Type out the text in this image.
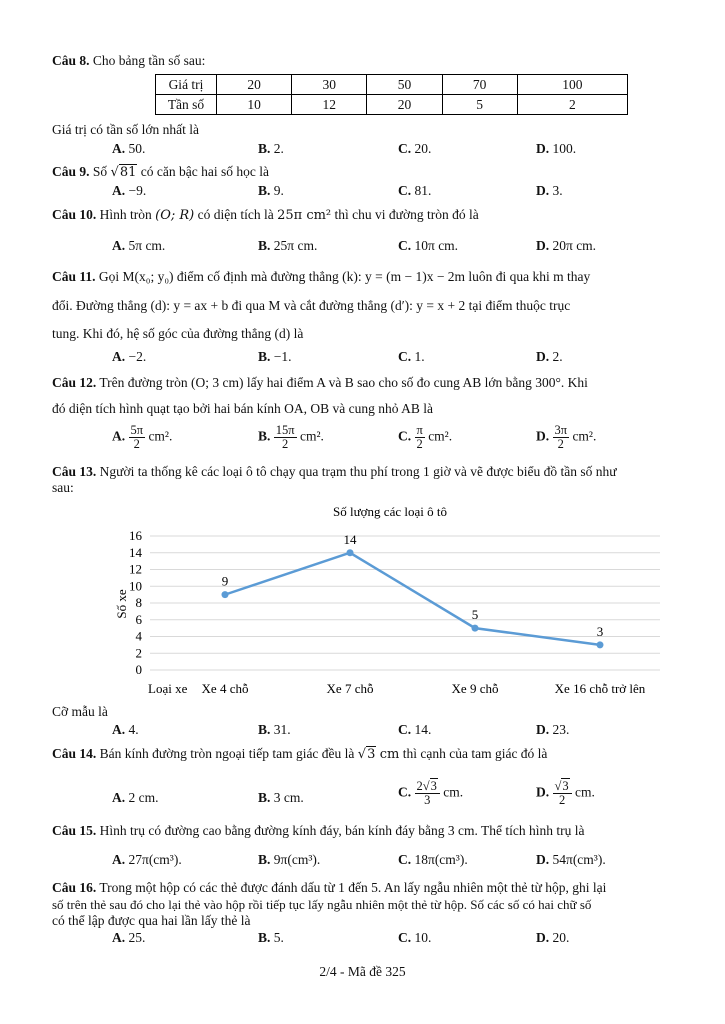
Câu 8. Cho bảng tần số sau:
Giá trị	20	30	50	70	100
Tần số	10	12	20	5	2
Giá trị có tần số lớn nhất là
A. 50.	B. 2.	C. 20.	D. 100.
Câu 9. Số √81 có căn bậc hai số học là
A. −9.	B. 9.	C. 81.	D. 3.
Câu 10. Hình tròn (O; R) có diện tích là 25π cm² thì chu vi đường tròn đó là
A. 5π cm.	B. 25π cm.	C. 10π cm.	D. 20π cm.
Câu 11. Gọi M(x₀; y₀) điểm cố định mà đường thẳng (k): y = (m − 1)x − 2m luôn đi qua khi m thay
đổi. Đường thẳng (d): y = ax + b đi qua M và cắt đường thẳng (d′): y = x + 2 tại điểm thuộc trục
tung. Khi đó, hệ số góc của đường thẳng (d) là
A. −2.	B. −1.	C. 1.	D. 2.
Câu 12. Trên đường tròn (O; 3 cm) lấy hai điểm A và B sao cho số đo cung AB lớn bằng 300°. Khi
đó diện tích hình quạt tạo bởi hai bán kính OA, OB và cung nhỏ AB là
A. $\frac{5\pi}{2} cm^2$.	B. $\frac{15\pi}{2} cm^2$.	C. $\frac{\pi}{2} cm^2$.	D. $\frac{3\pi}{2} cm^2$.
Câu 13. Người ta thống kê các loại ô tô chạy qua trạm thu phí trong 1 giờ và vẽ được biểu đồ tần số như
sau:
Số lượng các loại ô tô
0
2
4
6
8
10
12
14
16
Số xe
Loại xe
9
Xe 4 chỗ
14
Xe 7 chỗ
5
Xe 9 chỗ
3
Xe 16 chỗ trở lên
Cỡ mẫu là
A. 4.	B. 31.	C. 14.	D. 23.
Câu 14. Bán kính đường tròn ngoại tiếp tam giác đều là √3 cm thì cạnh của tam giác đó là
A. 2 cm.	B. 3 cm.	C. $\frac{2√3}{3}$ cm.	D. $\frac{√3}{2}$ cm.
Câu 15. Hình trụ có đường cao bằng đường kính đáy, bán kính đáy bằng 3 cm. Thể tích hình trụ là
A. 27π(cm³).	B. 9π(cm³).	C. 18π(cm³).	D. 54π(cm³).
Câu 16. Trong một hộp có các thẻ được đánh dấu từ 1 đến 5. An lấy ngẫu nhiên một thẻ từ hộp, ghi lại
số trên thẻ sau đó cho lại thẻ vào hộp rồi tiếp tục lấy ngẫu nhiên một thẻ từ hộp. Số các số có hai chữ số
có thể lập được qua hai lần lấy thẻ là
A. 25.	B. 5.	C. 10.	D. 20.
2/4 - Mã đề 325
